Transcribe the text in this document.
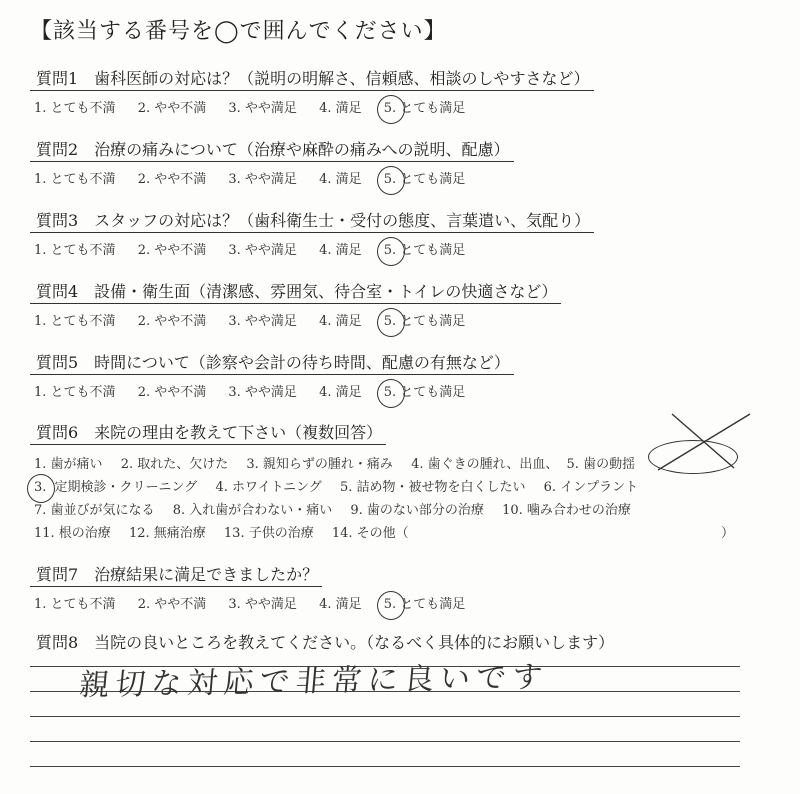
【該当する番号を◯で囲んでください】
質問1　歯科医師の対応は？（説明の明解さ、信頼感、相談のしやすさなど）
1. とても不満 2. やや不満 3. やや満足 4. 満足 5. とても満足
質問2　治療の痛みについて（治療や麻酔の痛みへの説明、配慮）
1. とても不満 2. やや不満 3. やや満足 4. 満足 5. とても満足
質問3　スタッフの対応は？（歯科衛生士・受付の態度、言葉遣い、気配り）
1. とても不満 2. やや不満 3. やや満足 4. 満足 5. とても満足
質問4　設備・衛生面（清潔感、雰囲気、待合室・トイレの快適さなど）
1. とても不満 2. やや不満 3. やや満足 4. 満足 5. とても満足
質問5　時間について（診察や会計の待ち時間、配慮の有無など）
1. とても不満 2. やや不満 3. やや満足 4. 満足 5. とても満足
質問6　来院の理由を教えて下さい（複数回答）
1. 歯が痛い 2. 取れた、欠けた 3. 親知らずの腫れ・痛み 4. 歯ぐきの腫れ、出血、 5. 歯の動揺
3. 定期検診・クリーニング 4. ホワイトニング 5. 詰め物・被せ物を白くしたい 6. インプラント
7. 歯並びが気になる 8. 入れ歯が合わない・痛い 9. 歯のない部分の治療 10. 噛み合わせの治療
11. 根の治療 12. 無痛治療 13. 子供の治療 14. その他（	）
質問7　治療結果に満足できましたか？
1. とても不満 2. やや不満 3. やや満足 4. 満足 5. とても満足
質問8　当院の良いところを教えてください。（なるべく具体的にお願いします）
親切な対応で非常に良いです
